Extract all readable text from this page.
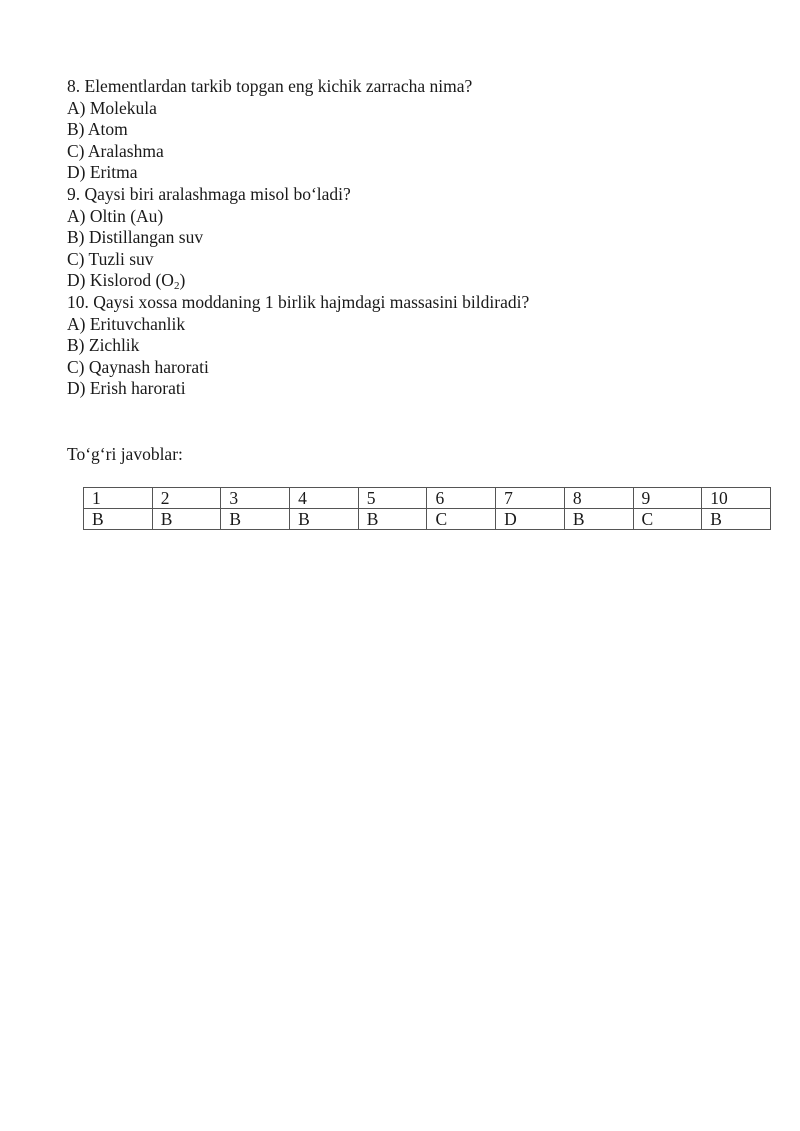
8. Elementlardan tarkib topgan eng kichik zarracha nima?
A) Molekula
B) Atom
C) Aralashma
D) Eritma
9. Qaysi biri aralashmaga misol bo‘ladi?
A) Oltin (Au)
B) Distillangan suv
C) Tuzli suv
D) Kislorod $(O_2)$
10. Qaysi xossa moddaning 1 birlik hajmdagi massasini bildiradi?
A) Erituvchanlik
B) Zichlik
C) Qaynash harorati
D) Erish harorati
To‘g‘ri javoblar:
1	2	3	4	5	6	7	8	9	10
B	B	B	B	B	C	D	B	C	B
